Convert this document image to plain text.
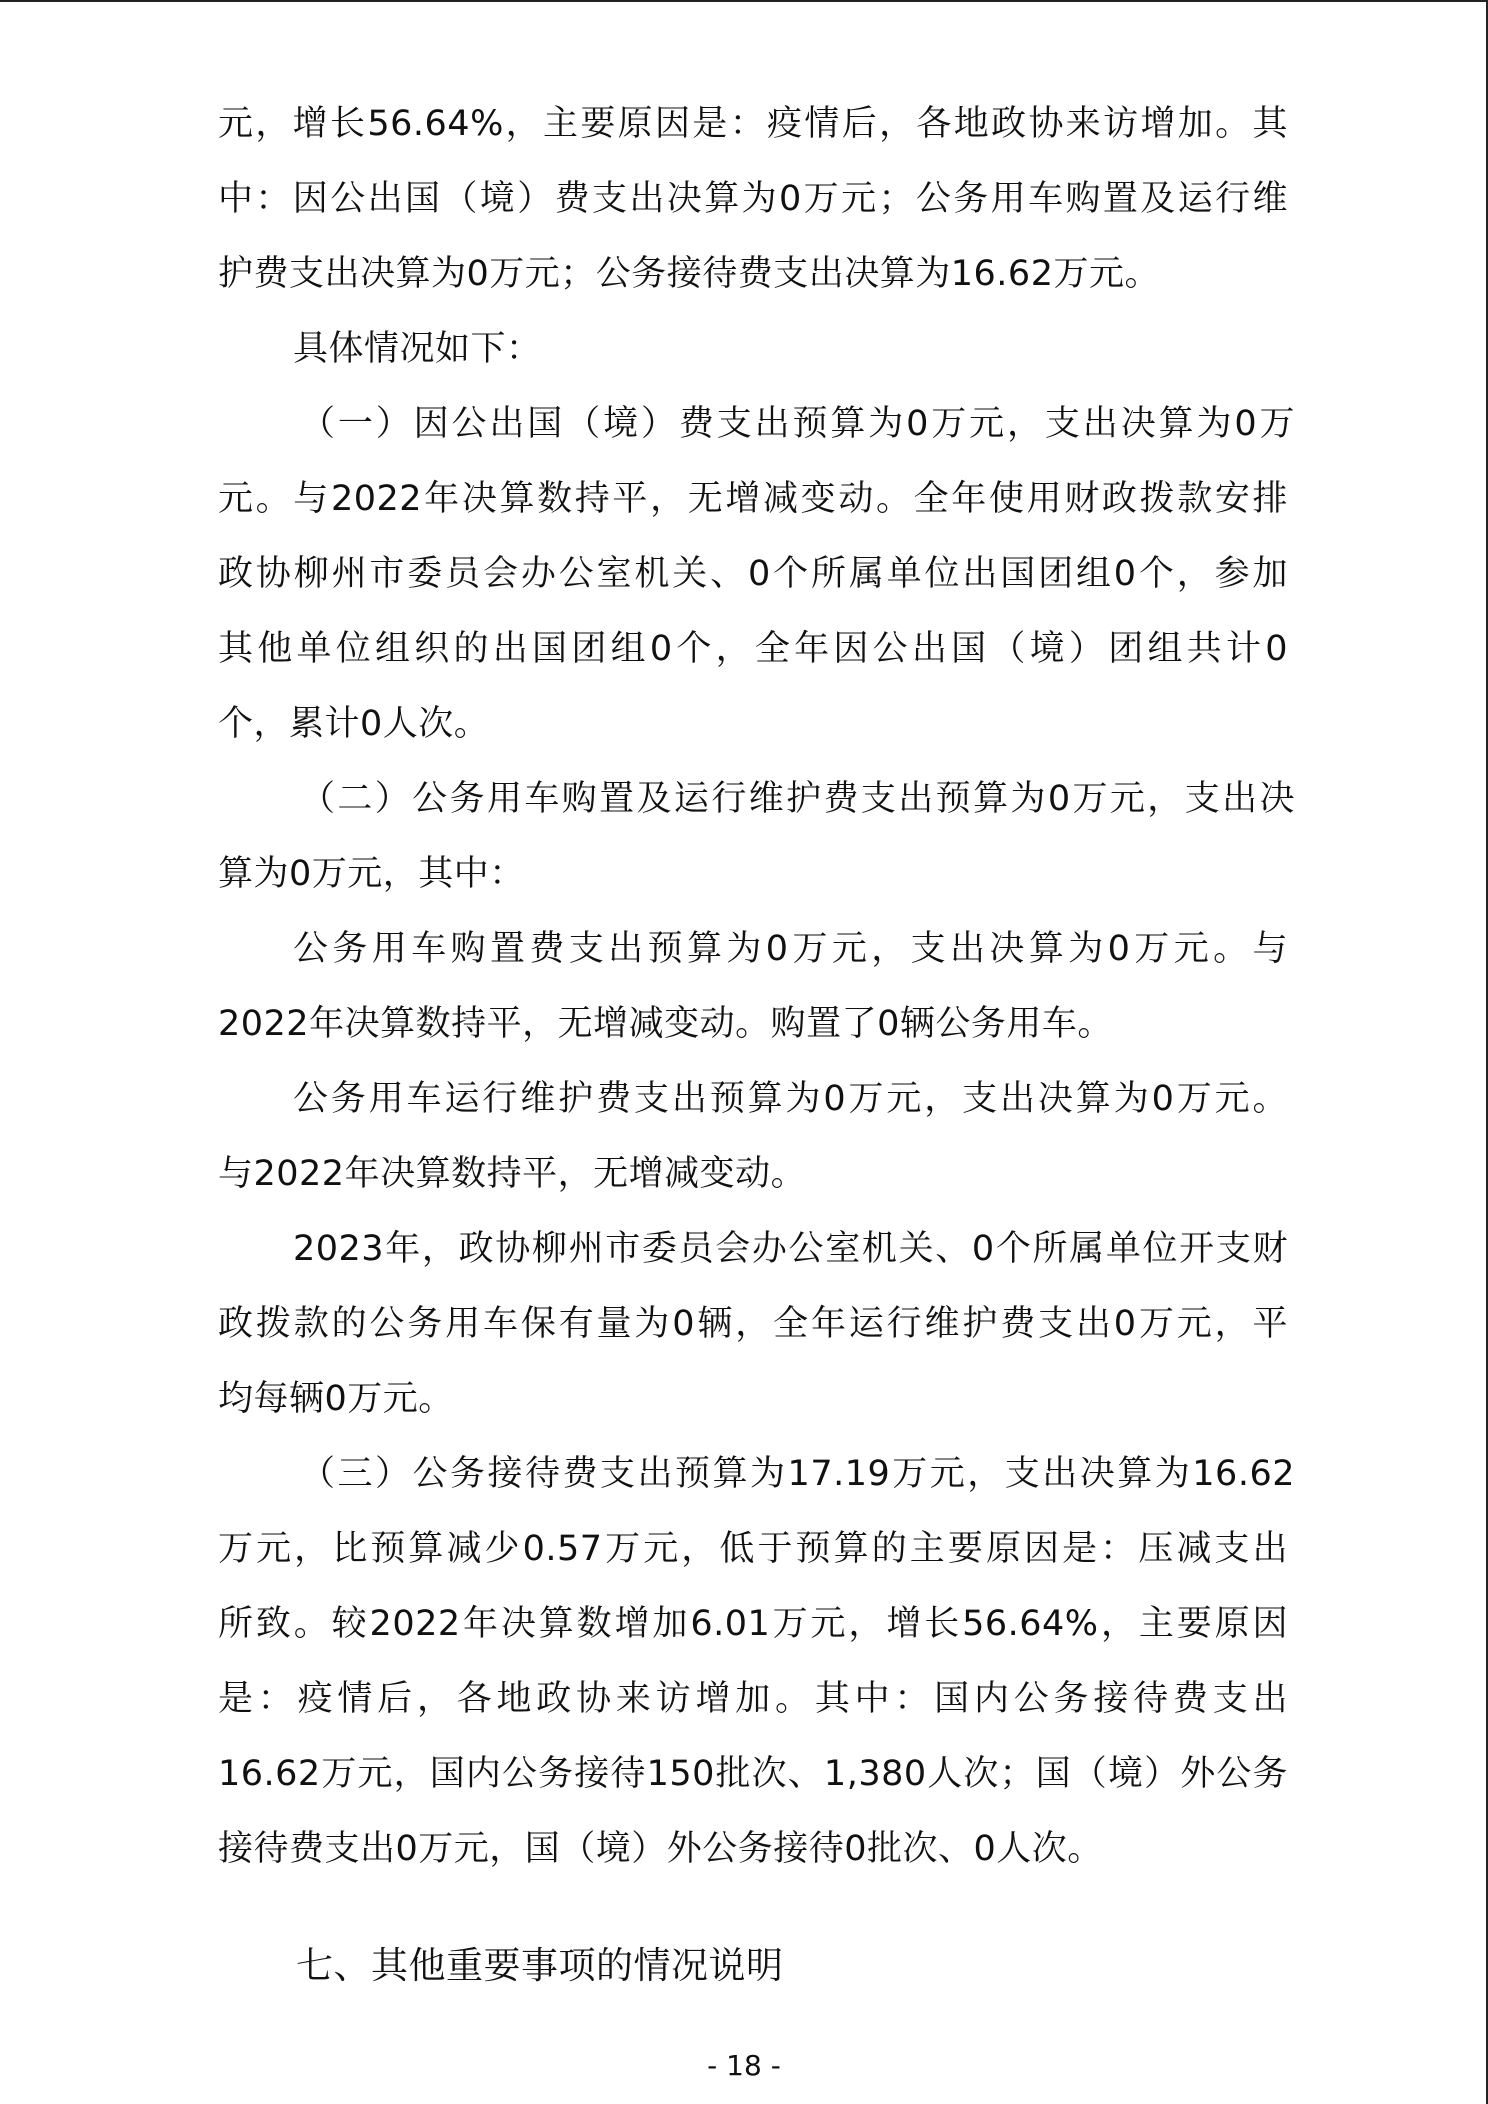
元，增长56.64%，主要原因是：疫情后，各地政协来访增加。其
中：因公出国（境）费支出决算为0万元；公务用车购置及运行维
护费支出决算为0万元；公务接待费支出决算为16.62万元。
具体情况如下：
（一）因公出国（境）费支出预算为0万元，支出决算为0万
元。与2022年决算数持平，无增减变动。全年使用财政拨款安排
政协柳州市委员会办公室机关、0个所属单位出国团组0个，参加
其他单位组织的出国团组0个，全年因公出国（境）团组共计0
个，累计0人次。
（二）公务用车购置及运行维护费支出预算为0万元，支出决
算为0万元，其中：
公务用车购置费支出预算为0万元，支出决算为0万元。与
2022年决算数持平，无增减变动。购置了0辆公务用车。
公务用车运行维护费支出预算为0万元，支出决算为0万元。
与2022年决算数持平，无增减变动。
2023年，政协柳州市委员会办公室机关、0个所属单位开支财
政拨款的公务用车保有量为0辆，全年运行维护费支出0万元，平
均每辆0万元。
（三）公务接待费支出预算为17.19万元，支出决算为16.62
万元，比预算减少0.57万元，低于预算的主要原因是：压减支出
所致。较2022年决算数增加6.01万元，增长56.64%，主要原因
是：疫情后，各地政协来访增加。其中：国内公务接待费支出
16.62万元，国内公务接待150批次、1,380人次；国（境）外公务
接待费支出0万元，国（境）外公务接待0批次、0人次。
七、其他重要事项的情况说明
- 18 -
